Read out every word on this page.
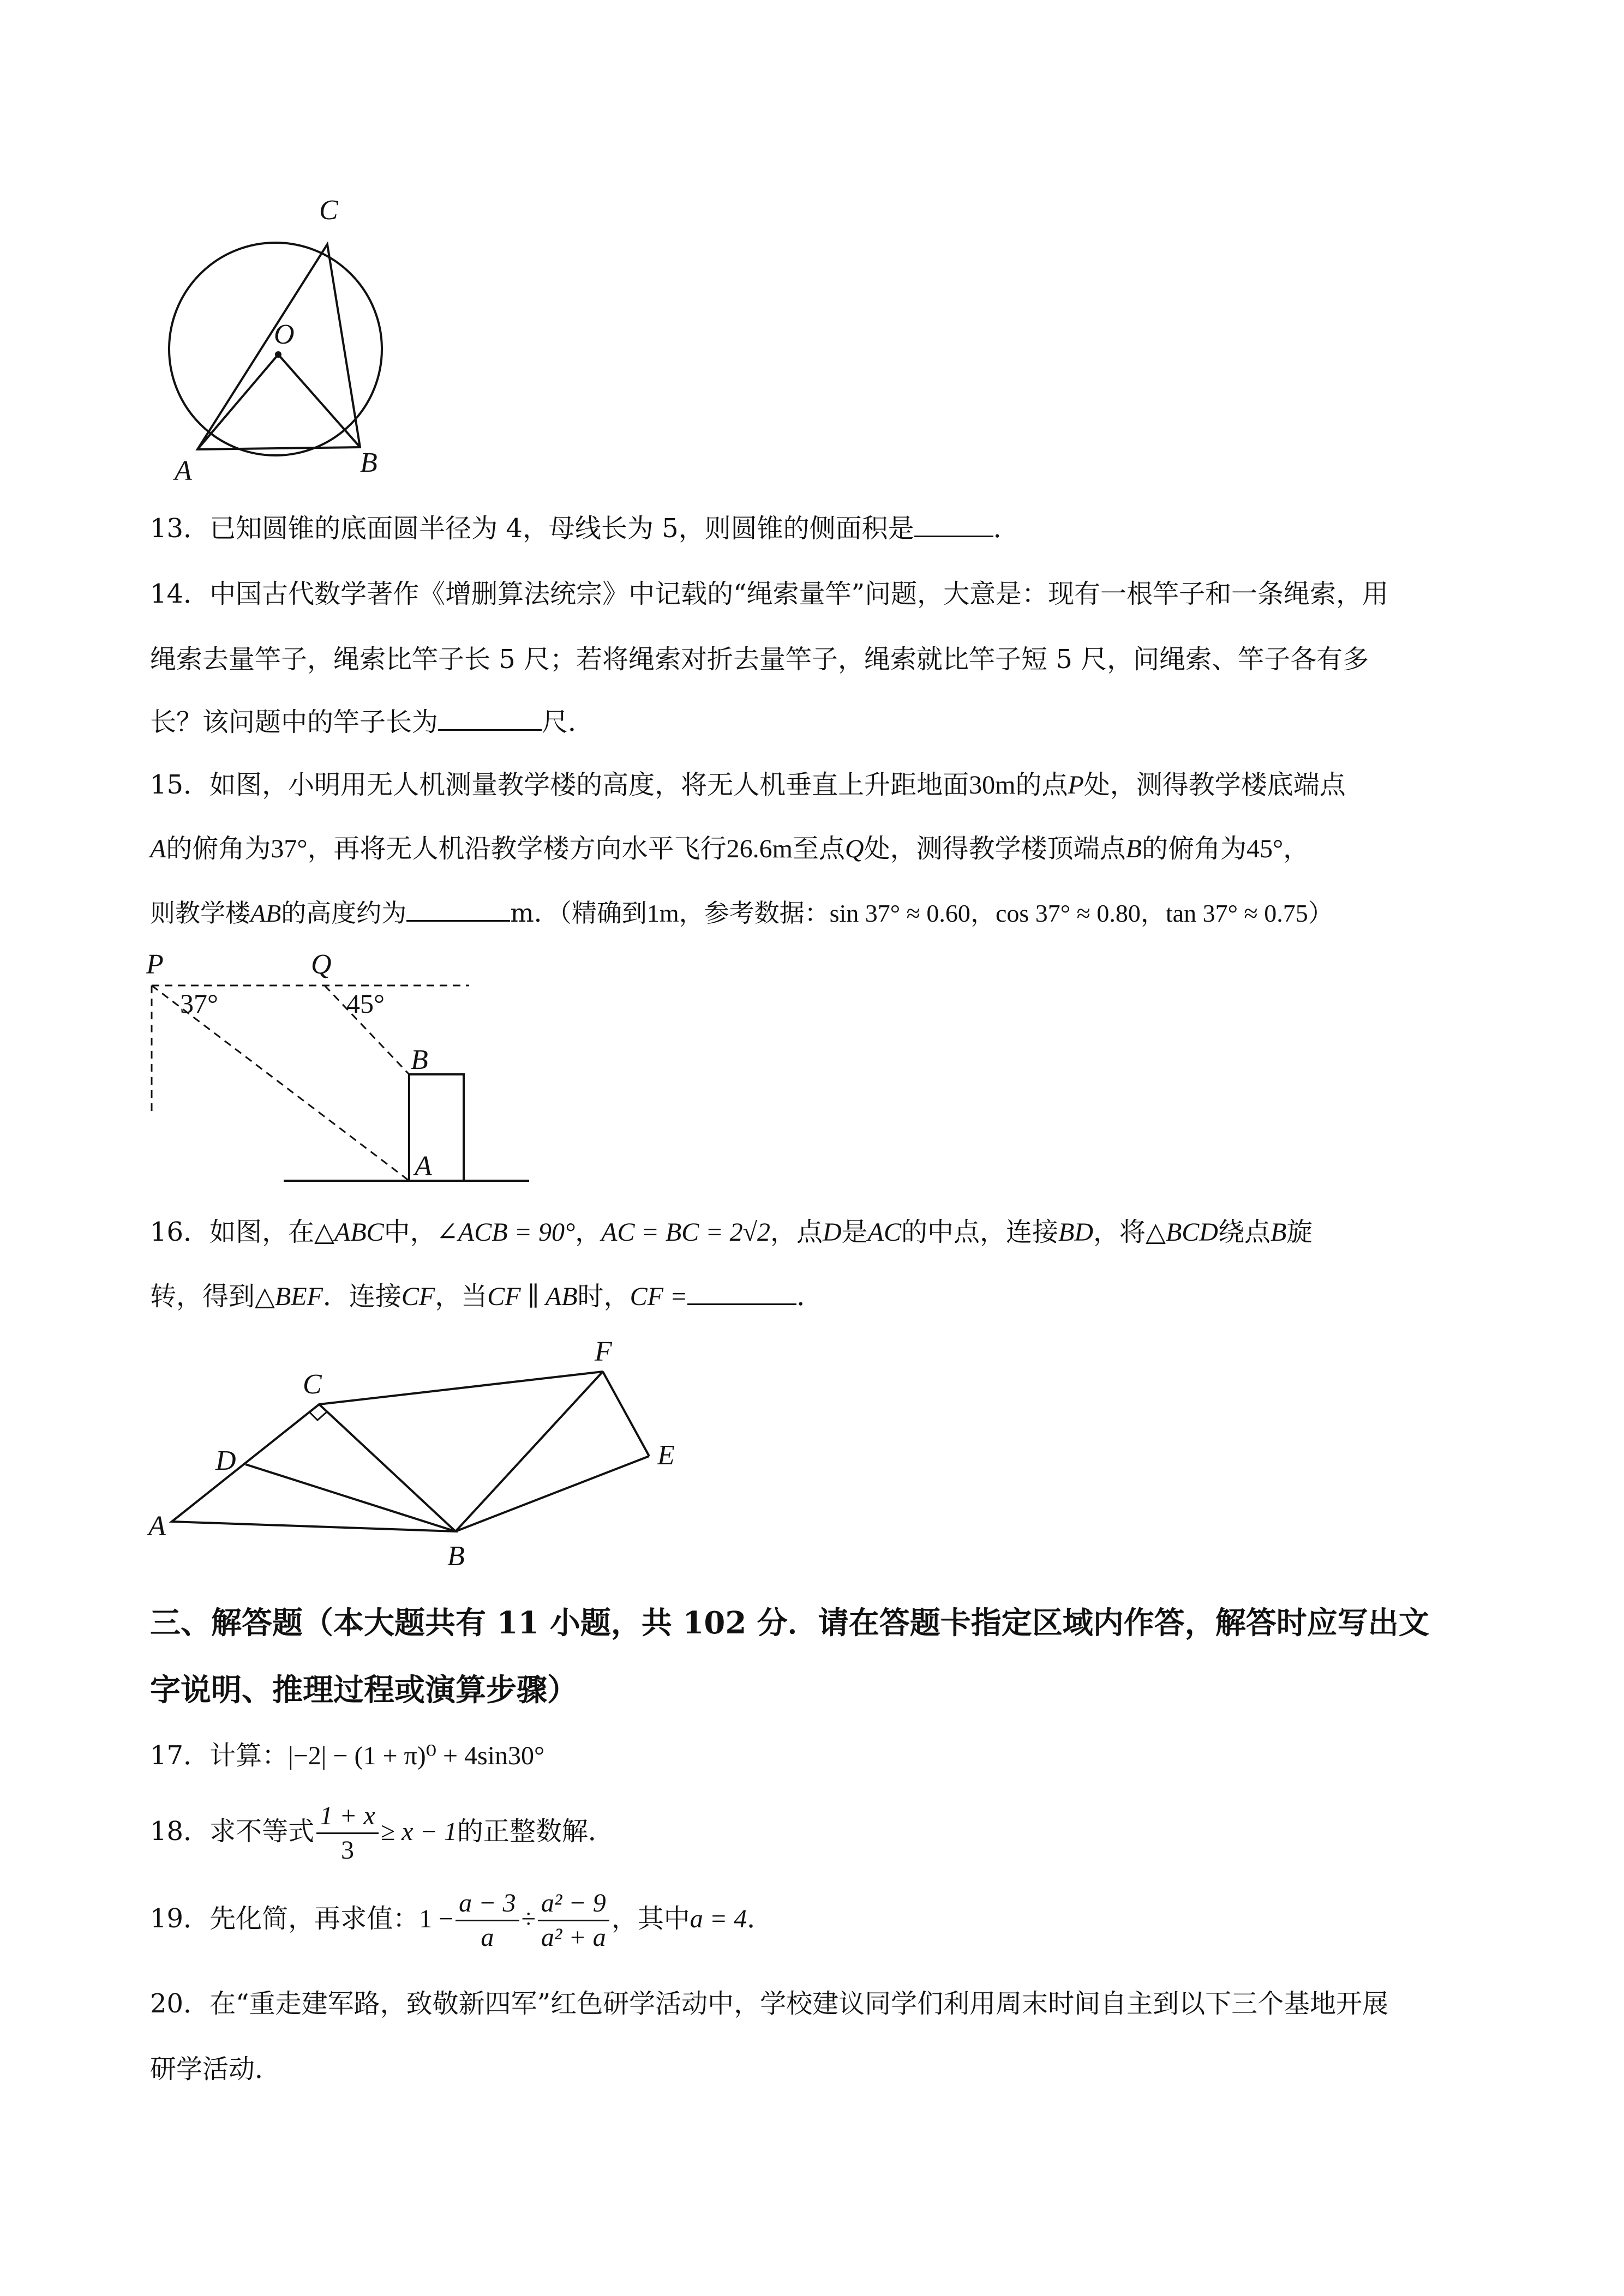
C
O
A	B

13．已知圆锥的底面圆半径为 4，母线长为 5，则圆锥的侧面积是	．

14．中国古代数学著作《增删算法统宗》中记载的“绳索量竿”问题，大意是：现有一根竿子和一条绳索，用

绳索去量竿子，绳索比竿子长 5 尺；若将绳索对折去量竿子，绳索就比竿子短 5 尺，问绳索、竿子各有多

长？该问题中的竿子长为	尺．

15．如图，小明用无人机测量教学楼的高度，将无人机垂直上升距地面30m的点P处，测得教学楼底端点

A的俯角为37°，再将无人机沿教学楼方向水平飞行26.6m至点Q处，测得教学楼顶端点B的俯角为45°，

则教学楼AB的高度约为	m．（精确到1m，参考数据：sin 37° ≈ 0.60，cos 37° ≈ 0.80，tan 37° ≈ 0.75）

P	Q
37°	45°
B
A

16．如图，在△ABC中，∠ACB = 90°，AC = BC = 2√2，点D是AC的中点，连接BD，将△BCD绕点B旋

转，得到△BEF．连接CF，当CF ∥ AB时，CF =	．

A
B
C
D	E
F

三、解答题（本大题共有 11 小题，共 102 分．请在答题卡指定区域内作答，解答时应写出文

字说明、推理过程或演算步骤）

17．计算：|−2| − (1 + π)⁰ + 4sin30°

18．求不等式 $\frac{1 + x}{3} \ge x - 1$的正整数解．
19．先化简，再求值：$1 - \frac{a - 3}{a} \div \frac{\text{a² − 9}}{\text{a² + a}}$ ，其中a = 4．

20．在“重走建军路，致敬新四军”红色研学活动中，学校建议同学们利用周末时间自主到以下三个基地开展

研学活动．
